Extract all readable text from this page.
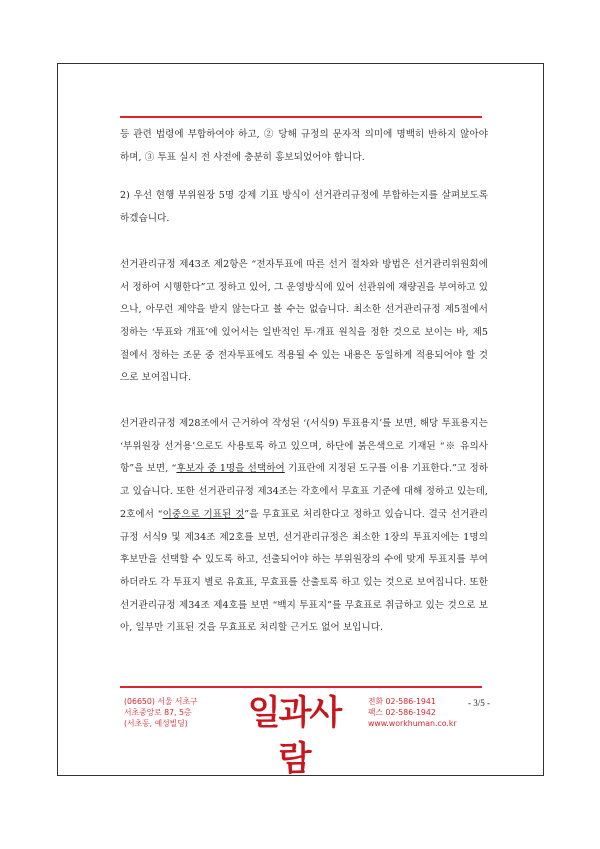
등 관련 법령에 부합하여야 하고, ② 당해 규정의 문자적 의미에 명백히 반하지 않아야 하며, ③ 투표 실시 전 사전에 충분히 홍보되었어야 합니다.

2) 우선 현행 부위원장 5명 강제 기표 방식이 선거관리규정에 부합하는지를 살펴보도록 하겠습니다.

선거관리규정 제43조 제2항은 “전자투표에 따른 선거 절차와 방법은 선거관리위원회에서 정하여 시행한다”고 정하고 있어, 그 운영방식에 있어 선관위에 재량권을 부여하고 있으나, 아무런 제약을 받지 않는다고 볼 수는 없습니다. 최소한 선거관리규정 제5절에서 정하는 ‘투표와 개표’에 있어서는 일반적인 투·개표 원칙을 정한 것으로 보이는 바, 제5절에서 정하는 조문 중 전자투표에도 적용될 수 있는 내용은 동일하게 적용되어야 할 것으로 보여집니다.

선거관리규정 제28조에서 근거하여 작성된 ‘(서식9) 투표용지’를 보면, 해당 투표용지는 ‘부위원장 선거용’으로도 사용토록 하고 있으며, 하단에 붉은색으로 기재된 “※ 유의사항”을 보면, “후보자 중 1명을 선택하여 기표란에 지정된 도구를 이용 기표한다.”고 정하고 있습니다. 또한 선거관리규정 제34조는 각호에서 무효표 기준에 대해 정하고 있는데, 2호에서 “이중으로 기표된 것”을 무효표로 처리한다고 정하고 있습니다. 결국 선거관리규정 서식9 및 제34조 제2호를 보면, 선거관리규정은 최소한 1장의 투표지에는 1명의 후보만을 선택할 수 있도록 하고, 선출되어야 하는 부위원장의 수에 맞게 투표지를 부여하더라도 각 투표지 별로 유효표, 무효표를 산출토록 하고 있는 것으로 보여집니다. 또한 선거관리규정 제34조 제4호를 보면 “백지 투표지”를 무효표로 취급하고 있는 것으로 보아, 일부만 기표된 것을 무효표로 처리할 근거도 없어 보입니다.

(06650) 서울 서초구
서초중앙로 87, 5층
(서초동, 예성빌딩)	일과사람
전화 02-586-1941
팩스 02-586-1942
www.workhuman.co.kr
- 3/5 -
